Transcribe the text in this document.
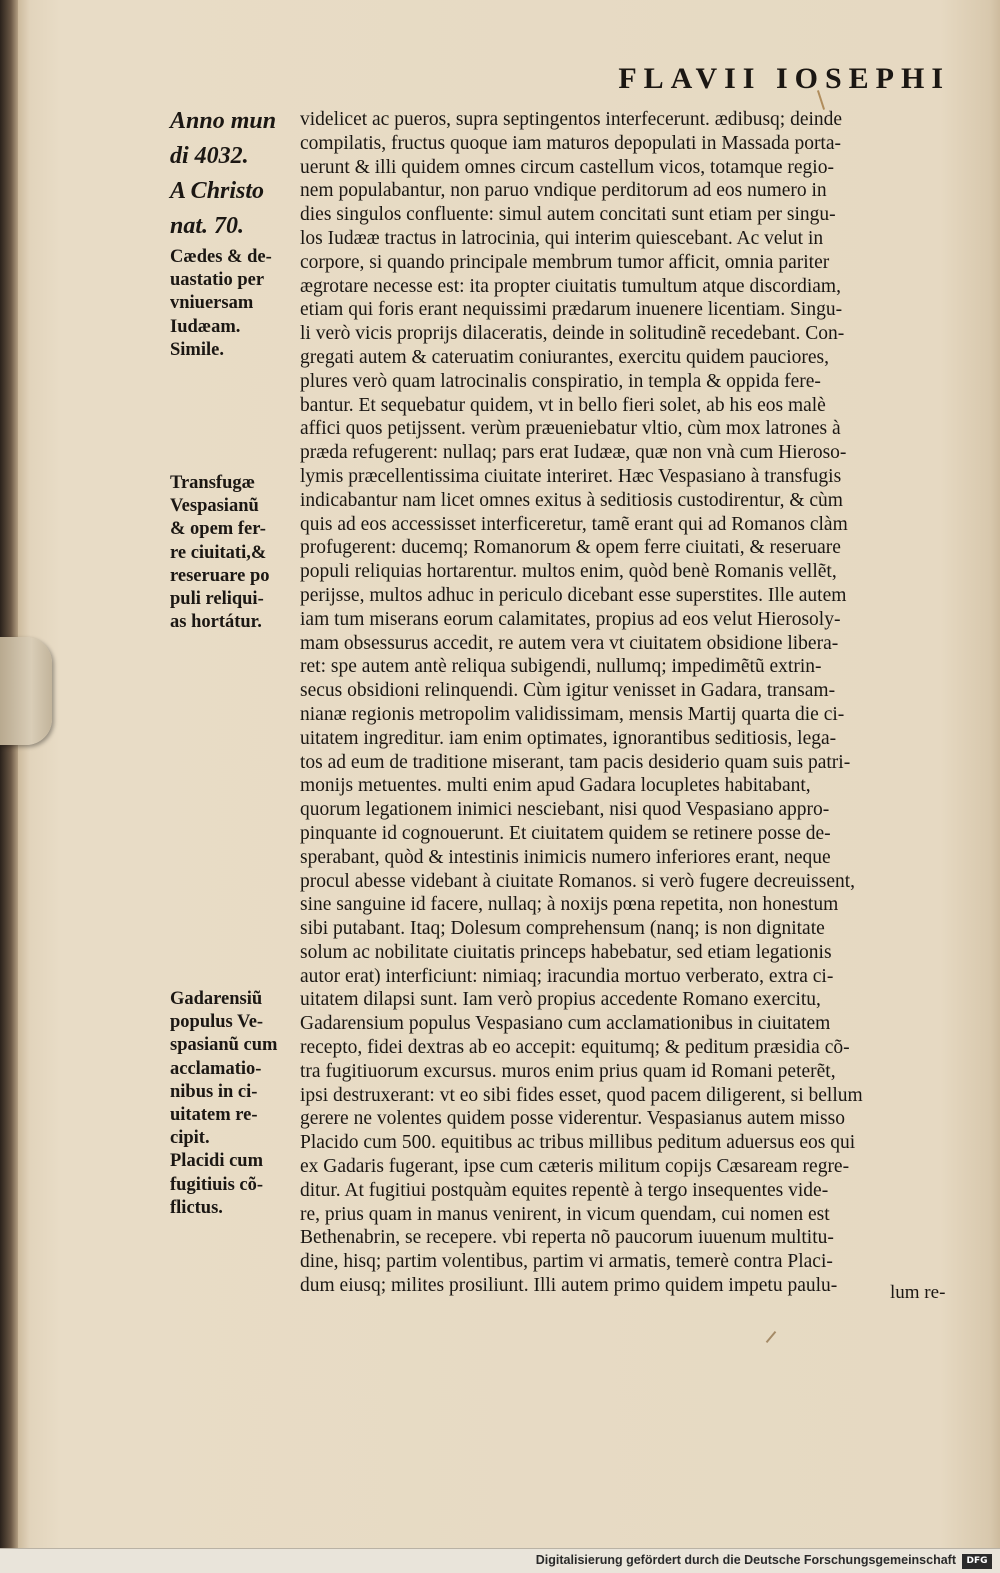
FLAVII IOSEPHI
Anno mun
di 4032.
A Christo
nat. 70.
Cædes & de-
uastatio per
vniuersam
Iudæam.
Simile.
Transfugæ
Vespasianũ
& opem fer-
re ciuitati,&
reseruare po
puli reliqui-
as hortátur.
Gadarensiũ
populus Ve-
spasianũ cum
acclamatio-
nibus in ci-
uitatem re-
cipit.
Placidi cum
fugitiuis cõ-
flictus.
videlicet ac pueros, supra septingentos interfecerunt. ædibusq; deinde
compilatis, fructus quoque iam maturos depopulati in Massada porta-
uerunt & illi quidem omnes circum castellum vicos, totamque regio-
nem populabantur, non paruo vndique perditorum ad eos numero in
dies singulos confluente: simul autem concitati sunt etiam per singu-
los Iudææ tractus in latrocinia, qui interim quiescebant. Ac velut in
corpore, si quando principale membrum tumor afficit, omnia pariter
ægrotare necesse est: ita propter ciuitatis tumultum atque discordiam,
etiam qui foris erant nequissimi prædarum inuenere licentiam. Singu-
li verò vicis proprijs dilaceratis, deinde in solitudinẽ recedebant. Con-
gregati autem & cateruatim coniurantes, exercitu quidem pauciores,
plures verò quam latrocinalis conspiratio, in templa & oppida fere-
bantur. Et sequebatur quidem, vt in bello fieri solet, ab his eos malè
affici quos petijssent. verùm præueniebatur vltio, cùm mox latrones à
præda refugerent: nullaq; pars erat Iudææ, quæ non vnà cum Hieroso-
lymis præcellentissima ciuitate interiret. Hæc Vespasiano à transfugis
indicabantur nam licet omnes exitus à seditiosis custodirentur, & cùm
quis ad eos accessisset interficeretur, tamẽ erant qui ad Romanos clàm
profugerent: ducemq; Romanorum & opem ferre ciuitati, & reseruare
populi reliquias hortarentur. multos enim, quòd benè Romanis vellẽt,
perijsse, multos adhuc in periculo dicebant esse superstites. Ille autem
iam tum miserans eorum calamitates, propius ad eos velut Hierosoly-
mam obsessurus accedit, re autem vera vt ciuitatem obsidione libera-
ret: spe autem antè reliqua subigendi, nullumq; impedimẽtũ extrin-
secus obsidioni relinquendi. Cùm igitur venisset in Gadara, transam-
nianæ regionis metropolim validissimam, mensis Martij quarta die ci-
uitatem ingreditur. iam enim optimates, ignorantibus seditiosis, lega-
tos ad eum de traditione miserant, tam pacis desiderio quam suis patri-
monijs metuentes. multi enim apud Gadara locupletes habitabant,
quorum legationem inimici nesciebant, nisi quod Vespasiano appro-
pinquante id cognouerunt. Et ciuitatem quidem se retinere posse de-
sperabant, quòd & intestinis inimicis numero inferiores erant, neque
procul abesse videbant à ciuitate Romanos. si verò fugere decreuissent,
sine sanguine id facere, nullaq; à noxijs pœna repetita, non honestum
sibi putabant. Itaq; Dolesum comprehensum (nanq; is non dignitate
solum ac nobilitate ciuitatis princeps habebatur, sed etiam legationis
autor erat) interficiunt: nimiaq; iracundia mortuo verberato, extra ci-
uitatem dilapsi sunt. Iam verò propius accedente Romano exercitu,
Gadarensium populus Vespasiano cum acclamationibus in ciuitatem
recepto, fidei dextras ab eo accepit: equitumq; & peditum præsidia cõ-
tra fugitiuorum excursus. muros enim prius quam id Romani peterẽt,
ipsi destruxerant: vt eo sibi fides esset, quod pacem diligerent, si bellum
gerere ne volentes quidem posse viderentur. Vespasianus autem misso
Placido cum 500. equitibus ac tribus millibus peditum aduersus eos qui
ex Gadaris fugerant, ipse cum cæteris militum copijs Cæsaream regre-
ditur. At fugitiui postquàm equites repentè à tergo insequentes vide-
re, prius quam in manus venirent, in vicum quendam, cui nomen est
Bethenabrin, se recepere. vbi reperta nõ paucorum iuuenum multitu-
dine, hisq; partim volentibus, partim vi armatis, temerè contra Placi-
dum eiusq; milites prosiliunt. Illi autem primo quidem impetu paulu-	lum re-
Digitalisierung gefördert durch die Deutsche Forschungsgemeinschaft	DFG
